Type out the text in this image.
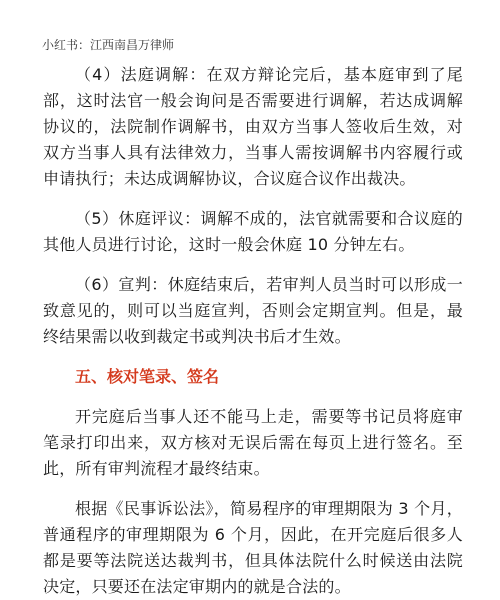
小红书：江西南昌万律师

（4）法庭调解：在双方辩论完后，基本庭审到了尾部，这时法官一般会询问是否需要进行调解，若达成调解协议的，法院制作调解书，由双方当事人签收后生效，对双方当事人具有法律效力，当事人需按调解书内容履行或申请执行；未达成调解协议，合议庭合议作出裁决。

（5）休庭评议：调解不成的，法官就需要和合议庭的其他人员进行讨论，这时一般会休庭 10 分钟左右。

（6）宣判：休庭结束后，若审判人员当时可以形成一致意见的，则可以当庭宣判，否则会定期宣判。但是，最终结果需以收到裁定书或判决书后才生效。

五、核对笔录、签名

开完庭后当事人还不能马上走，需要等书记员将庭审笔录打印出来，双方核对无误后需在每页上进行签名。至此，所有审判流程才最终结束。

根据《民事诉讼法》，简易程序的审理期限为 3 个月，普通程序的审理期限为 6 个月，因此，在开完庭后很多人都是要等法院送达裁判书，但具体法院什么时候送由法院决定，只要还在法定审期内的就是合法的。
